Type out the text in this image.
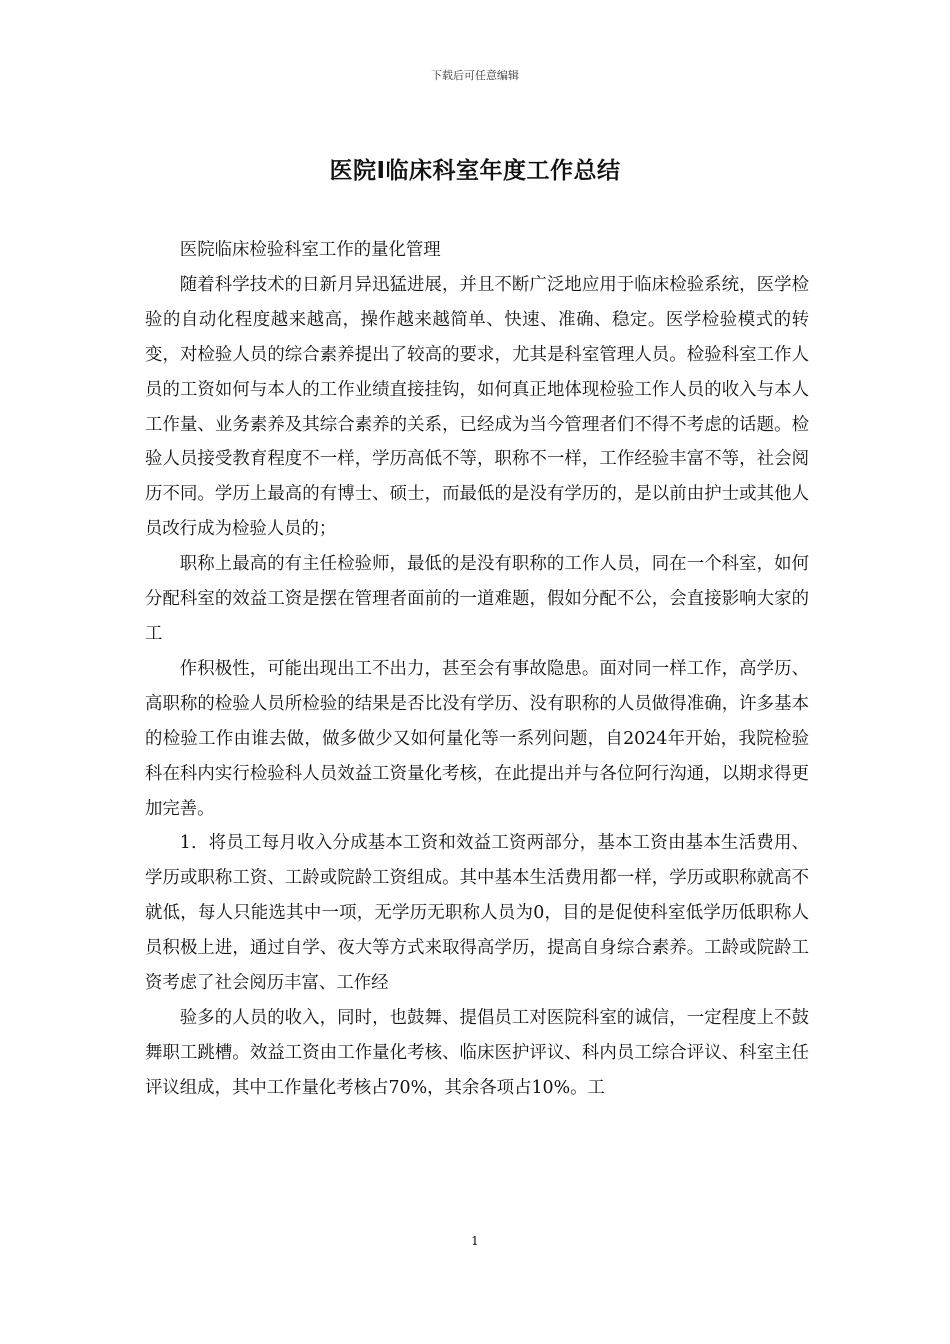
下载后可任意编辑
医院Ⅰ临床科室年度工作总结

医院临床检验科室工作的量化管理

随着科学技术的日新月异迅猛进展，并且不断广泛地应用于临床检验系统，医学检验的自动化程度越来越高，操作越来越简单、快速、准确、稳定。医学检验模式的转变，对检验人员的综合素养提出了较高的要求，尤其是科室管理人员。检验科室工作人员的工资如何与本人的工作业绩直接挂钩，如何真正地体现检验工作人员的收入与本人工作量、业务素养及其综合素养的关系，已经成为当今管理者们不得不考虑的话题。检验人员接受教育程度不一样，学历高低不等，职称不一样，工作经验丰富不等，社会阅历不同。学历上最高的有博士、硕士，而最低的是没有学历的，是以前由护士或其他人员改行成为检验人员的；

职称上最高的有主任检验师，最低的是没有职称的工作人员，同在一个科室，如何分配科室的效益工资是摆在管理者面前的一道难题，假如分配不公，会直接影响大家的工

作积极性，可能出现出工不出力，甚至会有事故隐患。面对同一样工作，高学历、高职称的检验人员所检验的结果是否比没有学历、没有职称的人员做得准确，许多基本的检验工作由谁去做，做多做少又如何量化等一系列问题，自2024年开始，我院检验科在科内实行检验科人员效益工资量化考核，在此提出并与各位阿行沟通，以期求得更加完善。

1．将员工每月收入分成基本工资和效益工资两部分，基本工资由基本生活费用、学历或职称工资、工龄或院龄工资组成。其中基本生活费用都一样，学历或职称就高不就低，每人只能选其中一项，无学历无职称人员为0，目的是促使科室低学历低职称人员积极上进，通过自学、夜大等方式来取得高学历，提高自身综合素养。工龄或院龄工资考虑了社会阅历丰富、工作经

验多的人员的收入，同时，也鼓舞、提倡员工对医院科室的诚信，一定程度上不鼓舞职工跳槽。效益工资由工作量化考核、临床医护评议、科内员工综合评议、科室主任评议组成，其中工作量化考核占70%，其余各项占10%。工

1
